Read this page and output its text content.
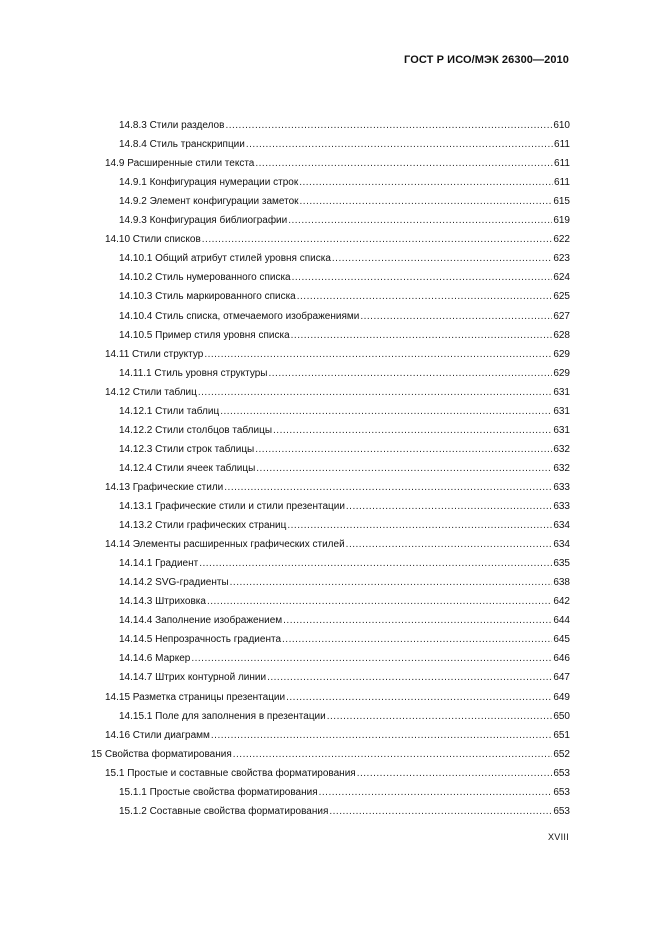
ГОСТ Р ИСО/МЭК 26300—2010
14.8.3 Стили разделов .....	610
14.8.4 Стиль транскрипции .....	611
14.9 Расширенные стили текста .....	611
14.9.1 Конфигурация нумерации строк .....	611
14.9.2 Элемент конфигурации заметок .....	615
14.9.3 Конфигурация библиографии .....	619
14.10 Стили списков .....	622
14.10.1 Общий атрибут стилей уровня списка .....	623
14.10.2 Стиль нумерованного списка .....	624
14.10.3 Стиль маркированного списка .....	625
14.10.4 Стиль списка, отмечаемого изображениями .....	627
14.10.5 Пример стиля уровня списка .....	628
14.11 Стили структур .....	629
14.11.1 Стиль уровня структуры .....	629
14.12 Стили таблиц .....	631
14.12.1 Стили таблиц .....	631
14.12.2 Стили столбцов таблицы .....	631
14.12.3 Стили строк таблицы .....	632
14.12.4 Стили ячеек таблицы .....	632
14.13 Графические стили .....	633
14.13.1 Графические стили и стили презентации .....	633
14.13.2 Стили графических страниц .....	634
14.14 Элементы расширенных графических стилей .....	634
14.14.1 Градиент .....	635
14.14.2 SVG-градиенты .....	638
14.14.3 Штриховка .....	642
14.14.4 Заполнение изображением .....	644
14.14.5 Непрозрачность градиента .....	645
14.14.6 Маркер .....	646
14.14.7 Штрих контурной линии .....	647
14.15 Разметка страницы презентации .....	649
14.15.1 Поле для заполнения в презентации .....	650
14.16 Стили диаграмм .....	651
15 Свойства форматирования .....	652
15.1 Простые и составные свойства форматирования .....	653
15.1.1 Простые свойства форматирования .....	653
15.1.2 Составные свойства форматирования .....	653
XVIII
